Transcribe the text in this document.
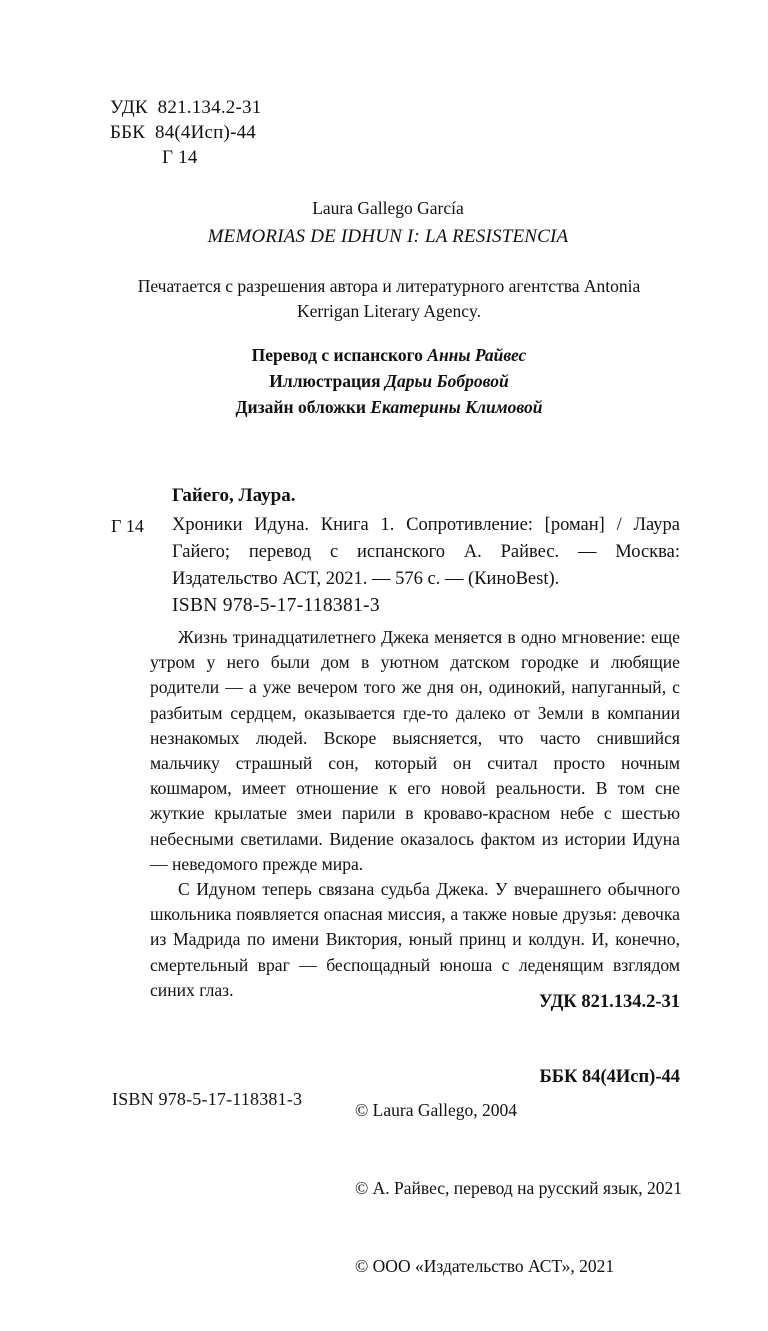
УДК  821.134.2-31
ББК  84(4Исп)-44
Г 14
Laura Gallego García
MEMORIAS DE IDHUN I: LA RESISTENCIA
Печатается с разрешения автора и литературного агентства Antonia Kerrigan Literary Agency.
Перевод с испанского Анны Райвес
Иллюстрация Дарьи Бобровой
Дизайн обложки Екатерины Климовой
Гайего, Лаура.
Г 14 Хроники Идуна. Книга 1. Сопротивление: [роман] / Лаура Гайего; перевод с испанского А. Райвес. — Москва: Издательство АСТ, 2021. — 576 с. — (КиноBest).
ISBN 978-5-17-118381-3

Жизнь тринадцатилетнего Джека меняется в одно мгновение: еще утром у него были дом в уютном датском городке и любящие родители — а уже вечером того же дня он, одинокий, напуганный, с разбитым сердцем, оказывается где-то далеко от Земли в компании незнакомых людей. Вскоре выясняется, что часто снившийся мальчику страшный сон, который он считал просто ночным кошмаром, имеет отношение к его новой реальности. В том сне жуткие крылатые змеи парили в кроваво-красном небе с шестью небесными светилами. Видение оказалось фактом из истории Идуна — неведомого прежде мира.

С Идуном теперь связана судьба Джека. У вчерашнего обычного школьника появляется опасная миссия, а также новые друзья: девочка из Мадрида по имени Виктория, юный принц и колдун. И, конечно, смертельный враг — беспощадный юноша с леденящим взглядом синих глаз.

УДК 821.134.2-31

ББК 84(4Исп)-44

© Laura Gallego, 2004

© А. Райвес, перевод на русский язык, 2021

© ООО «Издательство АСТ», 2021

ISBN 978-5-17-118381-3
